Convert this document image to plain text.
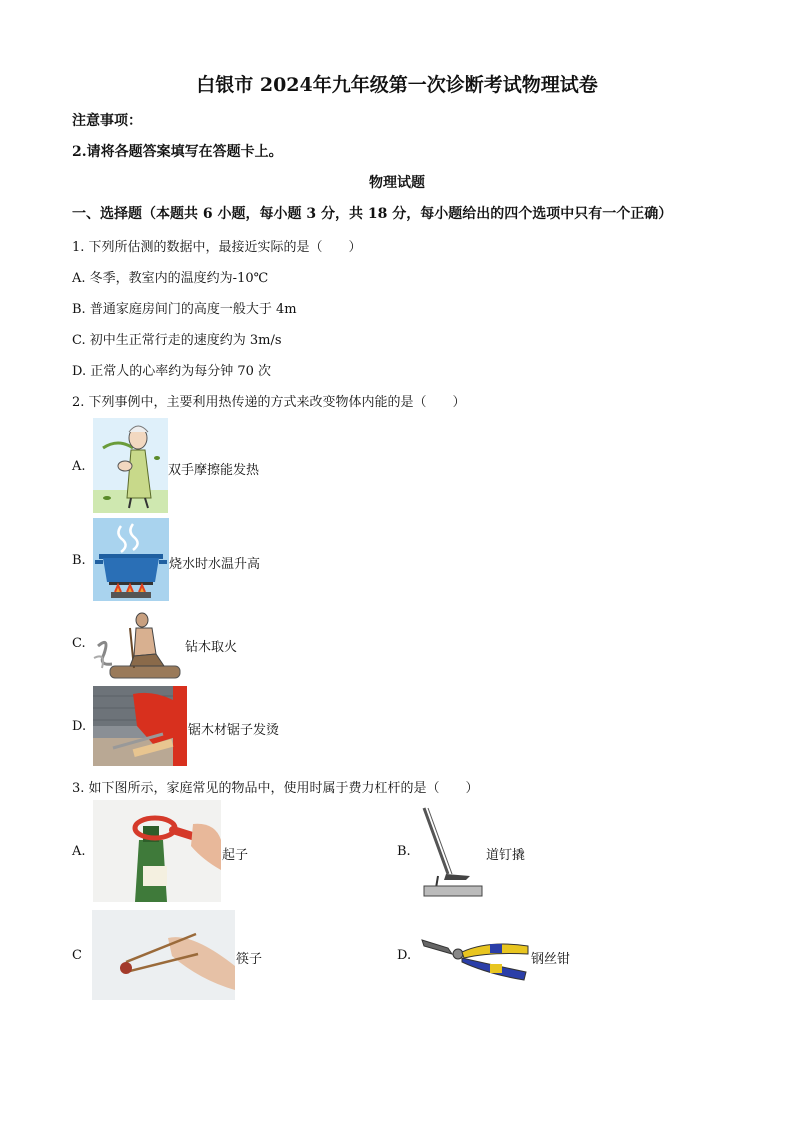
白银市 2024年九年级第一次诊断考试物理试卷
注意事项：
2.请将各题答案填写在答题卡上。
物理试题
一、选择题（本题共 6 小题，每小题 3 分，共 18 分，每小题给出的四个选项中只有一个正确）
1. 下列所估测的数据中，最接近实际的是（　　）
A. 冬季，教室内的温度约为-10℃
B. 普通家庭房间门的高度一般大于 4m
C. 初中生正常行走的速度约为 3m/s
D. 正常人的心率约为每分钟 70 次
2. 下列事例中，主要利用热传递的方式来改变物体内能的是（　　）
A.	双手摩擦能发热
B.	烧水时水温升高
C.	钻木取火
D.	锯木材锯子发烫
3. 如下图所示，家庭常见的物品中，使用时属于费力杠杆的是（　　）
A.	起子	B.	道钉撬
C	筷子	D.	钢丝钳
